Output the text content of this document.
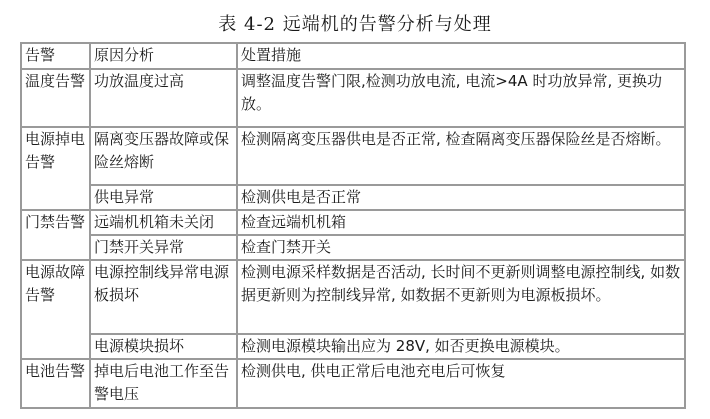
表 4-2 远端机的告警分析与处理
告警	原因分析	处置措施
温度告警	功放温度过高	调整温度告警门限,检测功放电流, 电流>4A 时功放异常, 更换功放。
电源掉电告警	隔离变压器故障或保险丝熔断	检测隔离变压器供电是否正常, 检查隔离变压器保险丝是否熔断。
	供电异常	检测供电是否正常
门禁告警	远端机机箱未关闭	检查远端机机箱
	门禁开关异常	检查门禁开关
电源故障告警	电源控制线异常电源板损坏	检测电源采样数据是否活动, 长时间不更新则调整电源控制线, 如数据更新则为控制线异常, 如数据不更新则为电源板损坏。
	电源模块损坏	检测电源模块输出应为 28V, 如否更换电源模块。
电池告警	掉电后电池工作至告警电压	检测供电, 供电正常后电池充电后可恢复
